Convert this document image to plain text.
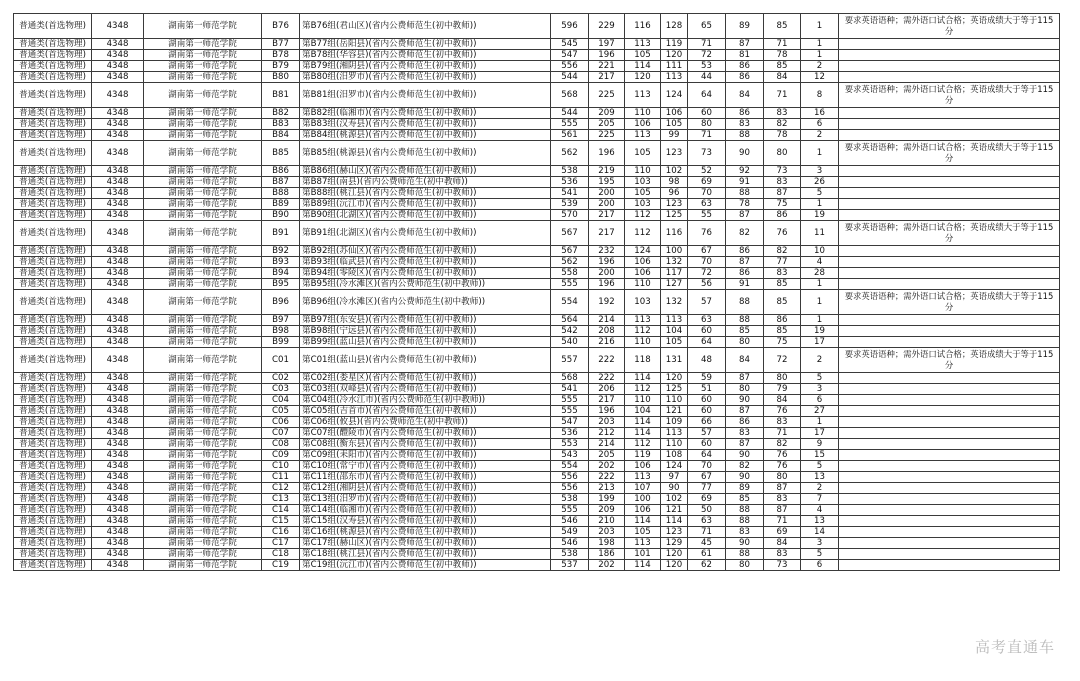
普通类(首选物理)	4348	湖南第一师范学院	B76	第B76组(君山区)(省内公费师范生(初中教师))	596	229	116	128	65	89	85	1	要求英语语种；需外语口试合格；英语成绩大于等于115分
普通类(首选物理)	4348	湖南第一师范学院	B77	第B77组(岳阳县)(省内公费师范生(初中教师))	545	197	113	119	71	87	71	1	
普通类(首选物理)	4348	湖南第一师范学院	B78	第B78组(华容县)(省内公费师范生(初中教师))	547	196	105	120	72	81	78	1	
普通类(首选物理)	4348	湖南第一师范学院	B79	第B79组(湘阴县)(省内公费师范生(初中教师))	556	221	114	111	53	86	85	2	
普通类(首选物理)	4348	湖南第一师范学院	B80	第B80组(汨罗市)(省内公费师范生(初中教师))	544	217	120	113	44	86	84	12	
普通类(首选物理)	4348	湖南第一师范学院	B81	第B81组(汨罗市)(省内公费师范生(初中教师))	568	225	113	124	64	84	71	8	要求英语语种；需外语口试合格；英语成绩大于等于115分
普通类(首选物理)	4348	湖南第一师范学院	B82	第B82组(临湘市)(省内公费师范生(初中教师))	544	209	110	106	60	86	83	16	
普通类(首选物理)	4348	湖南第一师范学院	B83	第B83组(汉寿县)(省内公费师范生(初中教师))	555	205	106	105	80	83	82	6	
普通类(首选物理)	4348	湖南第一师范学院	B84	第B84组(桃源县)(省内公费师范生(初中教师))	561	225	113	99	71	88	78	2	
普通类(首选物理)	4348	湖南第一师范学院	B85	第B85组(桃源县)(省内公费师范生(初中教师))	562	196	105	123	73	90	80	1	要求英语语种；需外语口试合格；英语成绩大于等于115分
普通类(首选物理)	4348	湖南第一师范学院	B86	第B86组(赫山区)(省内公费师范生(初中教师))	538	219	110	102	52	92	73	3	
普通类(首选物理)	4348	湖南第一师范学院	B87	第B87组(南县)(省内公费师范生(初中教师))	536	195	103	98	69	91	83	26	
普通类(首选物理)	4348	湖南第一师范学院	B88	第B88组(桃江县)(省内公费师范生(初中教师))	541	200	105	96	70	88	87	5	
普通类(首选物理)	4348	湖南第一师范学院	B89	第B89组(沅江市)(省内公费师范生(初中教师))	539	200	103	123	63	78	75	1	
普通类(首选物理)	4348	湖南第一师范学院	B90	第B90组(北湖区)(省内公费师范生(初中教师))	570	217	112	125	55	87	86	19	
普通类(首选物理)	4348	湖南第一师范学院	B91	第B91组(北湖区)(省内公费师范生(初中教师))	567	217	112	116	76	82	76	11	要求英语语种；需外语口试合格；英语成绩大于等于115分
普通类(首选物理)	4348	湖南第一师范学院	B92	第B92组(苏仙区)(省内公费师范生(初中教师))	567	232	124	100	67	86	82	10	
普通类(首选物理)	4348	湖南第一师范学院	B93	第B93组(临武县)(省内公费师范生(初中教师))	562	196	106	132	70	87	77	4	
普通类(首选物理)	4348	湖南第一师范学院	B94	第B94组(零陵区)(省内公费师范生(初中教师))	558	200	106	117	72	86	83	28	
普通类(首选物理)	4348	湖南第一师范学院	B95	第B95组(冷水滩区)(省内公费师范生(初中教师))	555	196	110	127	56	91	85	1	
普通类(首选物理)	4348	湖南第一师范学院	B96	第B96组(冷水滩区)(省内公费师范生(初中教师))	554	192	103	132	57	88	85	1	要求英语语种；需外语口试合格；英语成绩大于等于115分
普通类(首选物理)	4348	湖南第一师范学院	B97	第B97组(东安县)(省内公费师范生(初中教师))	564	214	113	113	63	88	86	1	
普通类(首选物理)	4348	湖南第一师范学院	B98	第B98组(宁远县)(省内公费师范生(初中教师))	542	208	112	104	60	85	85	19	
普通类(首选物理)	4348	湖南第一师范学院	B99	第B99组(蓝山县)(省内公费师范生(初中教师))	540	216	110	105	64	80	75	17	
普通类(首选物理)	4348	湖南第一师范学院	C01	第C01组(蓝山县)(省内公费师范生(初中教师))	557	222	118	131	48	84	72	2	要求英语语种；需外语口试合格；英语成绩大于等于115分
普通类(首选物理)	4348	湖南第一师范学院	C02	第C02组(娄星区)(省内公费师范生(初中教师))	568	222	114	120	59	87	80	5	
普通类(首选物理)	4348	湖南第一师范学院	C03	第C03组(双峰县)(省内公费师范生(初中教师))	541	206	112	125	51	80	79	3	
普通类(首选物理)	4348	湖南第一师范学院	C04	第C04组(冷水江市)(省内公费师范生(初中教师))	555	217	110	110	60	90	84	6	
普通类(首选物理)	4348	湖南第一师范学院	C05	第C05组(吉首市)(省内公费师范生(初中教师))	555	196	104	121	60	87	76	27	
普通类(首选物理)	4348	湖南第一师范学院	C06	第C06组(攸县)(省内公费师范生(初中教师))	547	203	114	109	66	86	83	1	
普通类(首选物理)	4348	湖南第一师范学院	C07	第C07组(醴陵市)(省内公费师范生(初中教师))	536	212	114	113	57	83	71	17	
普通类(首选物理)	4348	湖南第一师范学院	C08	第C08组(衡东县)(省内公费师范生(初中教师))	553	214	112	110	60	87	82	9	
普通类(首选物理)	4348	湖南第一师范学院	C09	第C09组(耒阳市)(省内公费师范生(初中教师))	543	205	119	108	64	90	76	15	
普通类(首选物理)	4348	湖南第一师范学院	C10	第C10组(常宁市)(省内公费师范生(初中教师))	554	202	106	124	70	82	76	5	
普通类(首选物理)	4348	湖南第一师范学院	C11	第C11组(邵东市)(省内公费师范生(初中教师))	556	222	113	97	67	90	80	13	
普通类(首选物理)	4348	湖南第一师范学院	C12	第C12组(湘阴县)(省内公费师范生(初中教师))	556	213	107	90	77	89	87	2	
普通类(首选物理)	4348	湖南第一师范学院	C13	第C13组(汨罗市)(省内公费师范生(初中教师))	538	199	100	102	69	85	83	7	
普通类(首选物理)	4348	湖南第一师范学院	C14	第C14组(临湘市)(省内公费师范生(初中教师))	555	209	106	121	50	88	87	4	
普通类(首选物理)	4348	湖南第一师范学院	C15	第C15组(汉寿县)(省内公费师范生(初中教师))	546	210	114	114	63	88	71	13	
普通类(首选物理)	4348	湖南第一师范学院	C16	第C16组(桃源县)(省内公费师范生(初中教师))	549	203	105	123	71	83	69	14	
普通类(首选物理)	4348	湖南第一师范学院	C17	第C17组(赫山区)(省内公费师范生(初中教师))	546	198	113	129	45	90	84	3	
普通类(首选物理)	4348	湖南第一师范学院	C18	第C18组(桃江县)(省内公费师范生(初中教师))	538	186	101	120	61	88	83	5	
普通类(首选物理)	4348	湖南第一师范学院	C19	第C19组(沅江市)(省内公费师范生(初中教师))	537	202	114	120	62	80	73	6	
高考直通车
